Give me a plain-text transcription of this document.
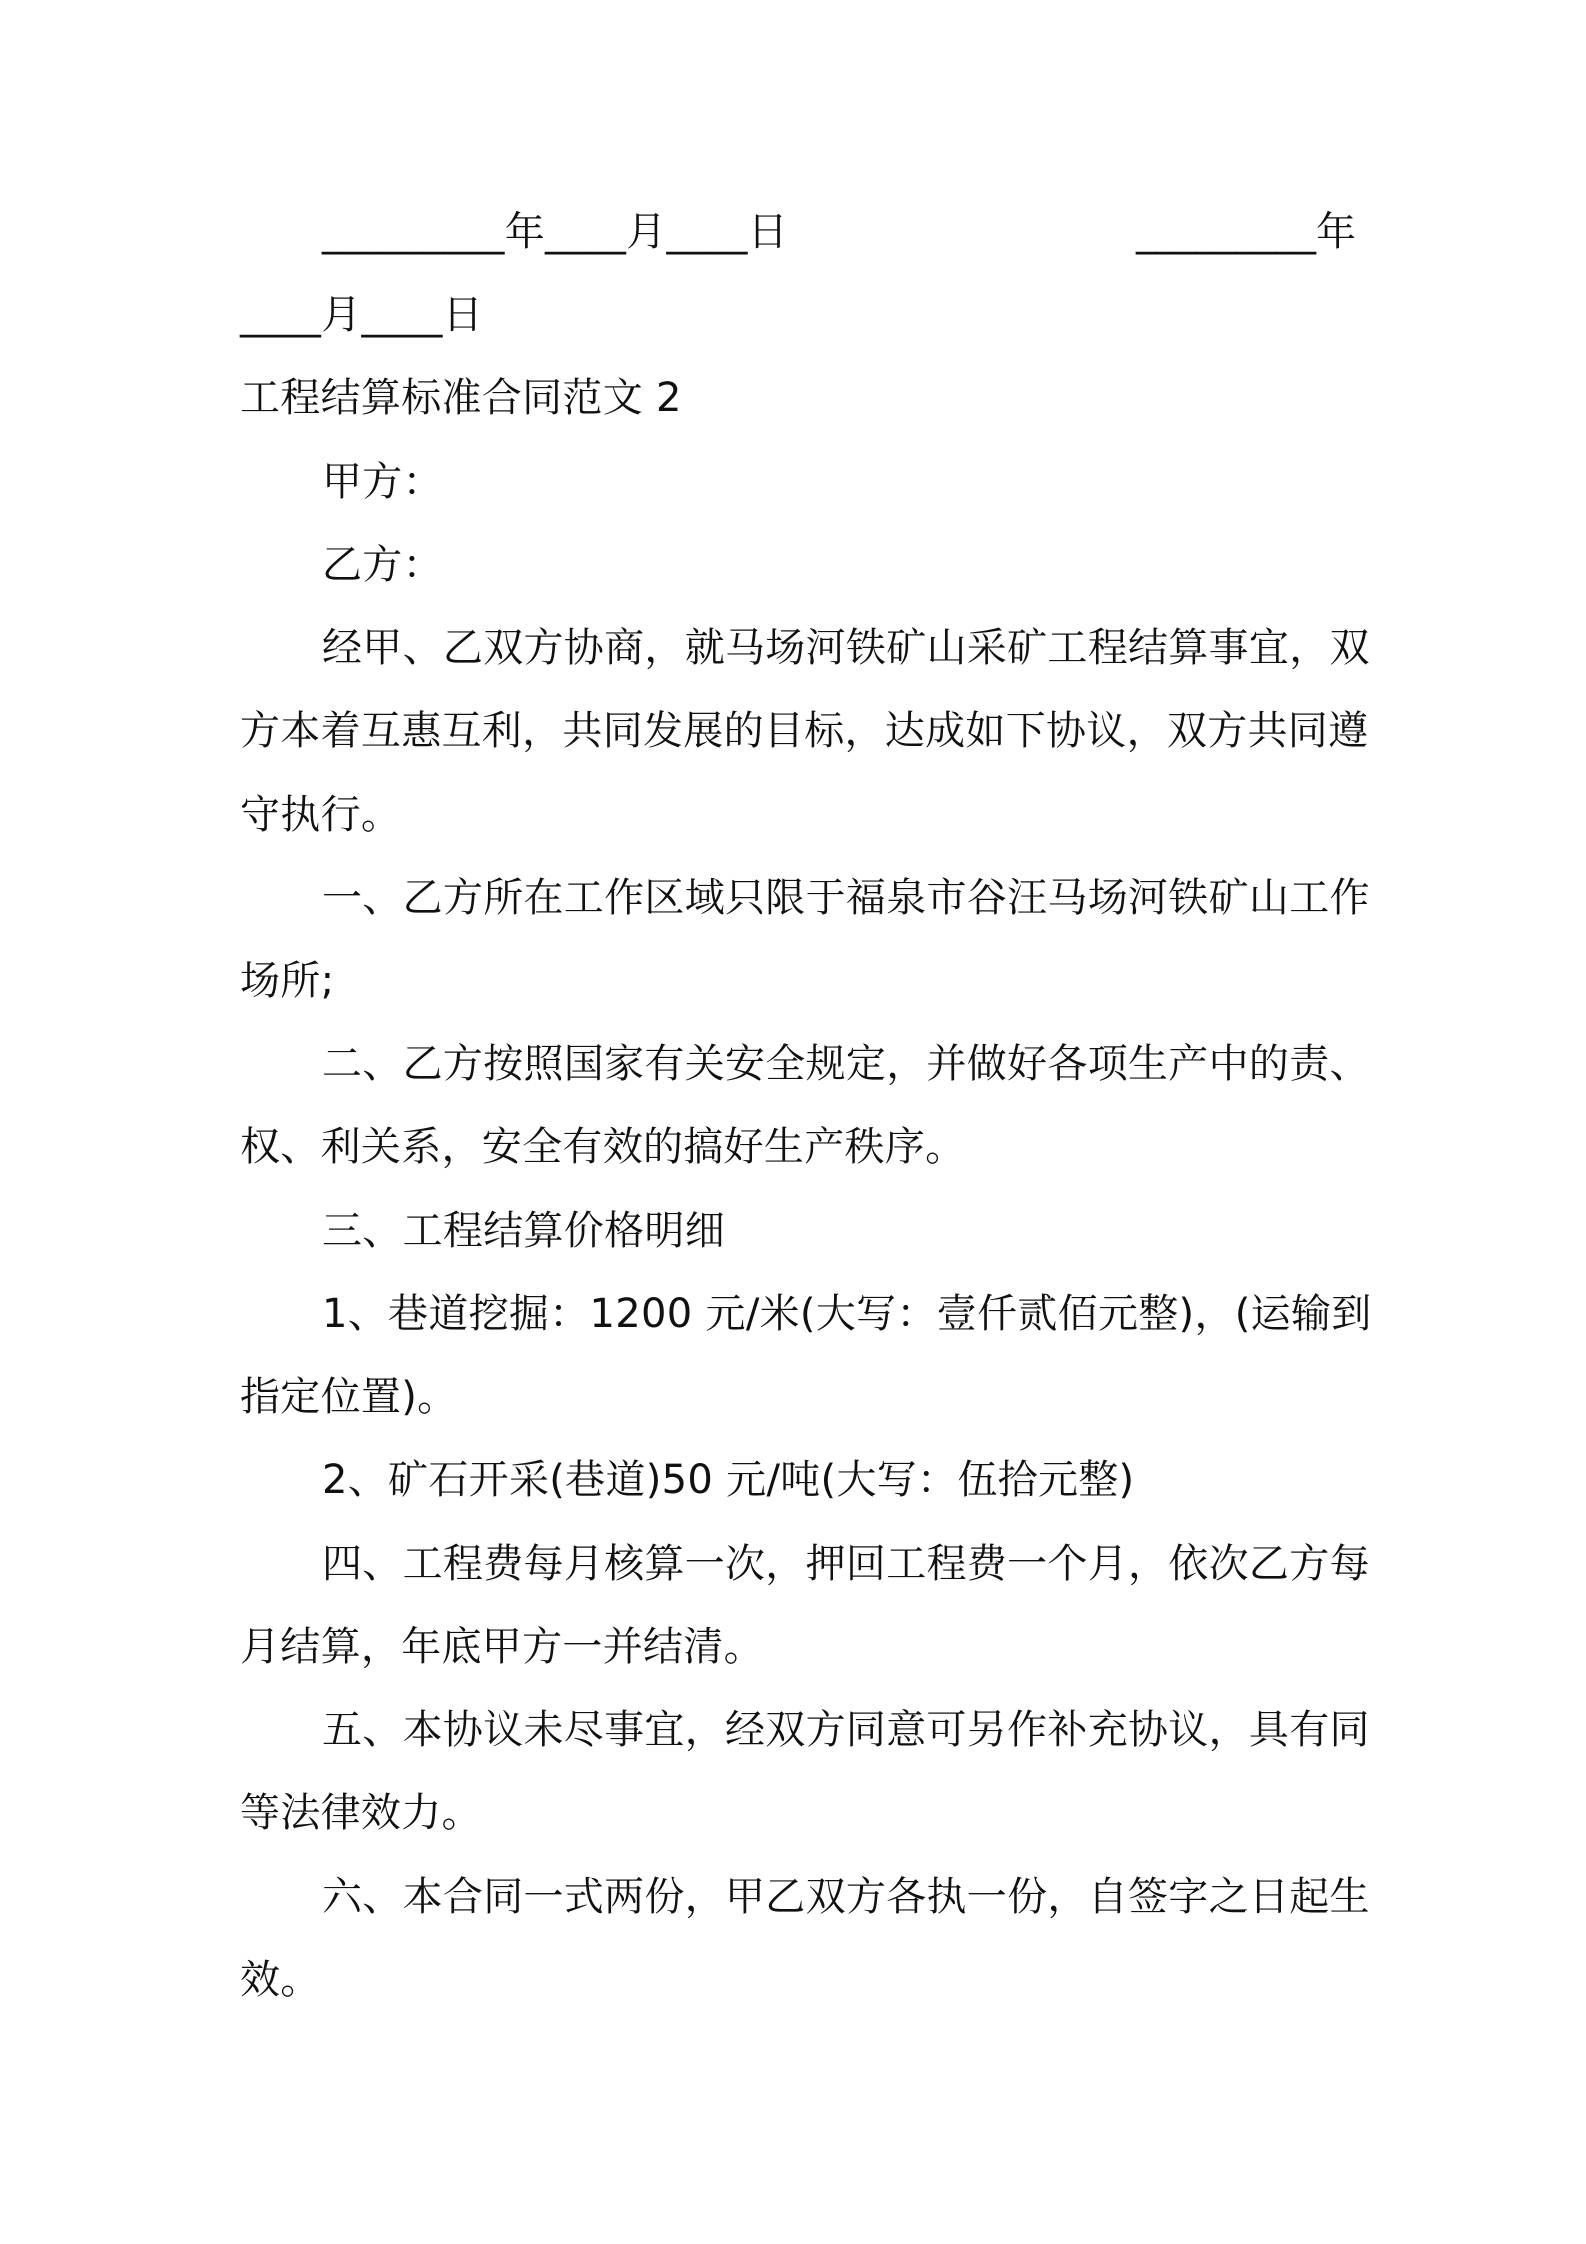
_________年____月____日	_________年
____月____日
工程结算标准合同范文 2
甲方：
乙方：
经甲、乙双方协商，就马场河铁矿山采矿工程结算事宜，双
方本着互惠互利，共同发展的目标，达成如下协议，双方共同遵
守执行。
一、乙方所在工作区域只限于福泉市谷汪马场河铁矿山工作
场所;
二、乙方按照国家有关安全规定，并做好各项生产中的责、
权、利关系，安全有效的搞好生产秩序。
三、工程结算价格明细
1、巷道挖掘：1200 元/米(大写：壹仟贰佰元整)，(运输到
指定位置)。
2、矿石开采(巷道)50 元/吨(大写：伍拾元整)
四、工程费每月核算一次，押回工程费一个月，依次乙方每
月结算，年底甲方一并结清。
五、本协议未尽事宜，经双方同意可另作补充协议，具有同
等法律效力。
六、本合同一式两份，甲乙双方各执一份，自签字之日起生
效。
